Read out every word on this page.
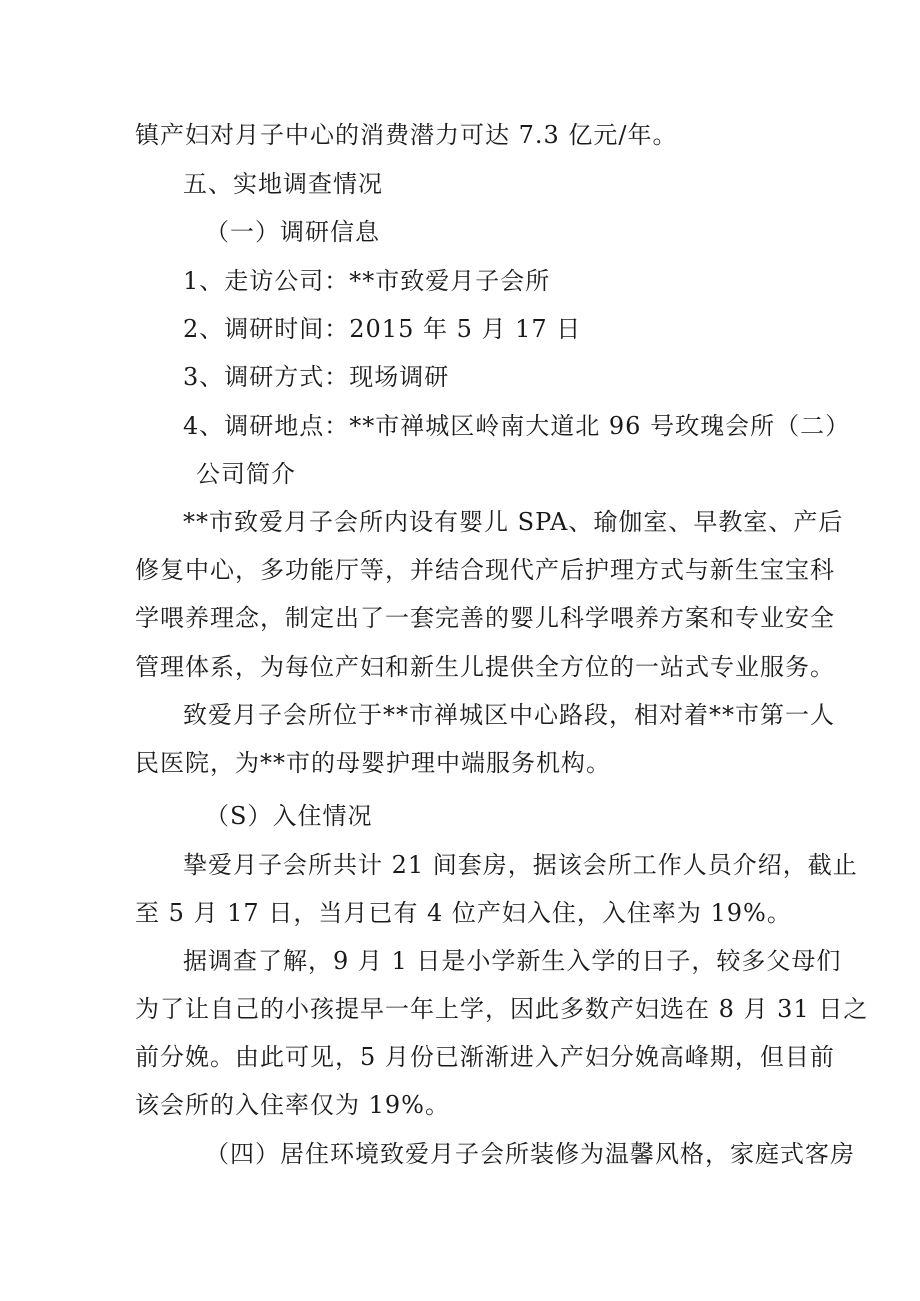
镇产妇对月子中心的消费潜力可达 7.3 亿元/年。
五、实地调查情况
（一）调研信息
1、走访公司：**市致爱月子会所
2、调研时间：2015 年 5 月 17 日
3、调研方式：现场调研
4、调研地点：**市禅城区岭南大道北 96 号玫瑰会所（二）
公司简介
**市致爱月子会所内设有婴儿 SPA、瑜伽室、早教室、产后
修复中心，多功能厅等，并结合现代产后护理方式与新生宝宝科
学喂养理念，制定出了一套完善的婴儿科学喂养方案和专业安全
管理体系，为每位产妇和新生儿提供全方位的一站式专业服务。
致爱月子会所位于**市禅城区中心路段，相对着**市第一人
民医院，为**市的母婴护理中端服务机构。
（S）入住情况
挚爱月子会所共计 21 间套房，据该会所工作人员介绍，截止
至 5 月 17 日，当月已有 4 位产妇入住，入住率为 19%。
据调查了解，9 月 1 日是小学新生入学的日子，较多父母们
为了让自己的小孩提早一年上学，因此多数产妇选在 8 月 31 日之
前分娩。由此可见，5 月份已渐渐进入产妇分娩高峰期，但目前
该会所的入住率仅为 19%。
（四）居住环境致爱月子会所装修为温馨风格，家庭式客房
